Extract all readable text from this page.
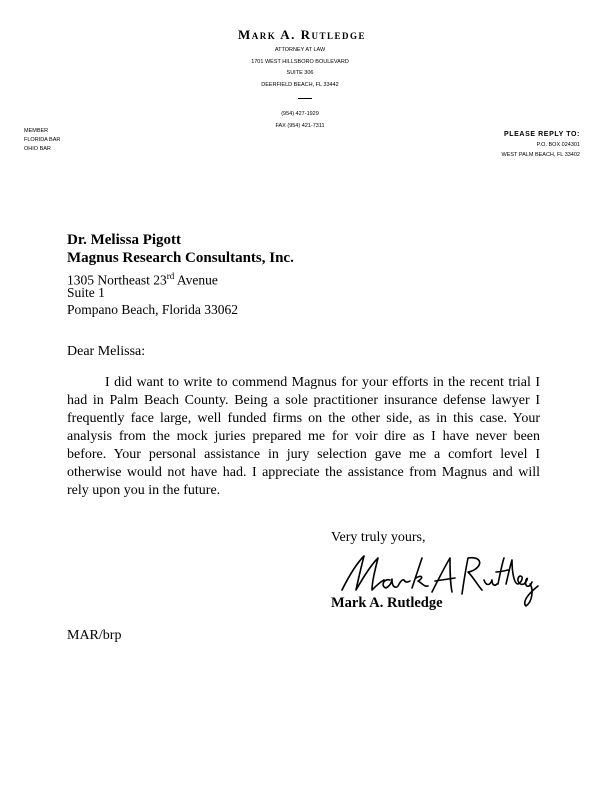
Mark A. Rutledge
ATTORNEY AT LAW
1701 WEST HILLSBORO BOULEVARD
SUITE 306
DEERFIELD BEACH, FL 33442
(954) 427-1929
FAX (954) 421-7311
MEMBER
FLORIDA BAR
OHIO BAR
PLEASE REPLY TO:
P.O. BOX 024301
WEST PALM BEACH, FL 33402
Dr. Melissa Pigott
Magnus Research Consultants, Inc.
1305 Northeast 23rd Avenue
Suite 1
Pompano Beach, Florida 33062
Dear Melissa:
I did want to write to commend Magnus for your efforts in the recent trial I
had in Palm Beach County. Being a sole practitioner insurance defense lawyer I
frequently face large, well funded firms on the other side, as in this case. Your
analysis from the mock juries prepared me for voir dire as I have never been
before. Your personal assistance in jury selection gave me a comfort level I
otherwise would not have had. I appreciate the assistance from Magnus and will
rely upon you in the future.
Very truly yours,
Mark A. Rutledge
MAR/brp
